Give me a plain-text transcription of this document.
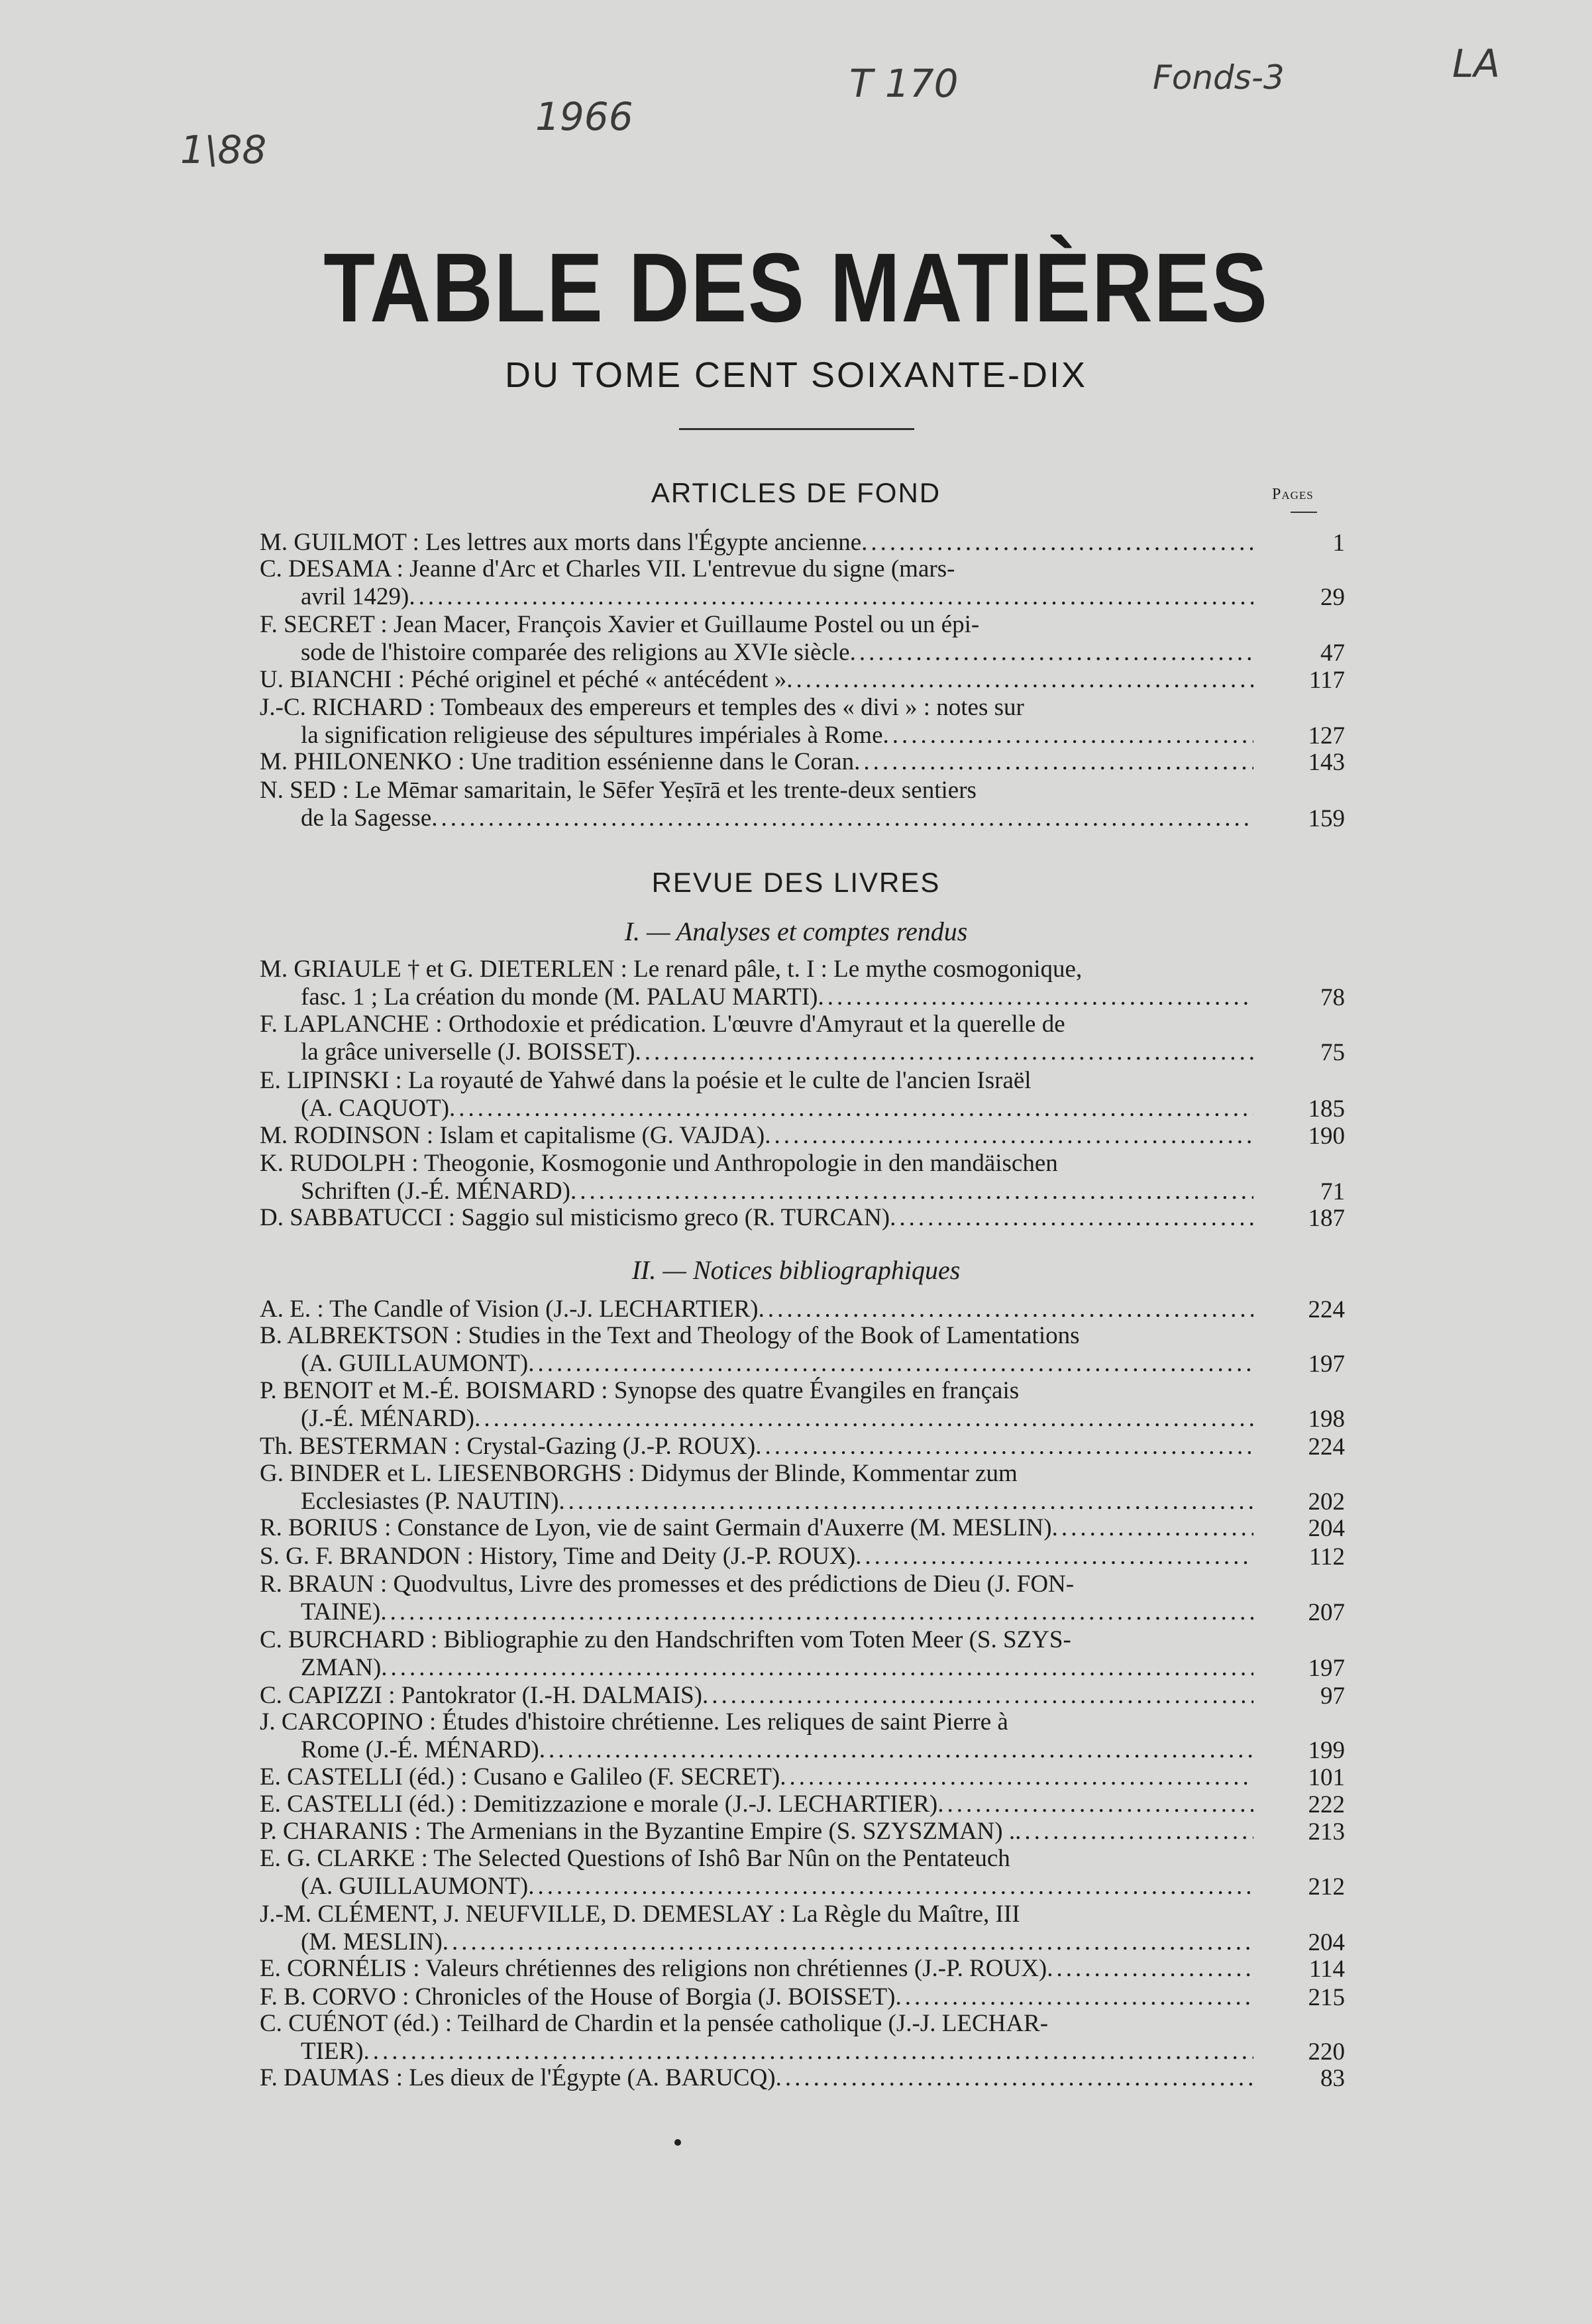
1\88
1966
T 170	Fonds-3	LA
TABLE DES MATIÈRES
DU TOME CENT SOIXANTE-DIX
ARTICLES DE FOND	Pages
REVUE DES LIVRES
I. — Analyses et comptes rendus
II. — Notices bibliographiques
M. GUILMOT : Les lettres aux morts dans l'Égypte ancienne .....	1
C. DESAMA : Jeanne d'Arc et Charles VII. L'entrevue du signe (mars-
avril 1429) .....	29
F. SECRET : Jean Macer, François Xavier et Guillaume Postel ou un épi-
sode de l'histoire comparée des religions au XVIe siècle .....	47
U. BIANCHI : Péché originel et péché « antécédent » .....	117
J.-C. RICHARD : Tombeaux des empereurs et temples des « divi » : notes sur
la signification religieuse des sépultures impériales à Rome .....	127
M. PHILONENKO : Une tradition essénienne dans le Coran .....	143
N. SED : Le Mēmar samaritain, le Sēfer Yeṣīrā et les trente-deux sentiers
de la Sagesse .....	159
M. GRIAULE † et G. DIETERLEN : Le renard pâle, t. I : Le mythe cosmogonique,
fasc. 1 ; La création du monde (M. PALAU MARTI) .....	78
F. LAPLANCHE : Orthodoxie et prédication. L'œuvre d'Amyraut et la querelle de
la grâce universelle (J. BOISSET) .....	75
E. LIPINSKI : La royauté de Yahwé dans la poésie et le culte de l'ancien Israël
(A. CAQUOT) .....	185
M. RODINSON : Islam et capitalisme (G. VAJDA) .....	190
K. RUDOLPH : Theogonie, Kosmogonie und Anthropologie in den mandäischen
Schriften (J.-É. MÉNARD) .....	71
D. SABBATUCCI : Saggio sul misticismo greco (R. TURCAN) .....	187
A. E. : The Candle of Vision (J.-J. LECHARTIER) .....	224
B. ALBREKTSON : Studies in the Text and Theology of the Book of Lamentations
(A. GUILLAUMONT) .....	197
P. BENOIT et M.-É. BOISMARD : Synopse des quatre Évangiles en français
(J.-É. MÉNARD) .....	198
Th. BESTERMAN : Crystal-Gazing (J.-P. ROUX) .....	224
G. BINDER et L. LIESENBORGHS : Didymus der Blinde, Kommentar zum
Ecclesiastes (P. NAUTIN) .....	202
R. BORIUS : Constance de Lyon, vie de saint Germain d'Auxerre (M. MESLIN) .....	204
S. G. F. BRANDON : History, Time and Deity (J.-P. ROUX) .....	112
R. BRAUN : Quodvultus, Livre des promesses et des prédictions de Dieu (J. FON-
TAINE) .....	207
C. BURCHARD : Bibliographie zu den Handschriften vom Toten Meer (S. SZYS-
ZMAN) .....	197
C. CAPIZZI : Pantokrator (I.-H. DALMAIS) .....	97
J. CARCOPINO : Études d'histoire chrétienne. Les reliques de saint Pierre à
Rome (J.-É. MÉNARD) .....	199
E. CASTELLI (éd.) : Cusano e Galileo (F. SECRET) .....	101
E. CASTELLI (éd.) : Demitizzazione e morale (J.-J. LECHARTIER) .....	222
P. CHARANIS : The Armenians in the Byzantine Empire (S. SZYSZMAN) . .....	213
E. G. CLARKE : The Selected Questions of Ishô Bar Nûn on the Pentateuch
(A. GUILLAUMONT) .....	212
J.-M. CLÉMENT, J. NEUFVILLE, D. DEMESLAY : La Règle du Maître, III
(M. MESLIN) .....	204
E. CORNÉLIS : Valeurs chrétiennes des religions non chrétiennes (J.-P. ROUX) .....	114
F. B. CORVO : Chronicles of the House of Borgia (J. BOISSET) .....	215
C. CUÉNOT (éd.) : Teilhard de Chardin et la pensée catholique (J.-J. LECHAR-
TIER) .....	220
F. DAUMAS : Les dieux de l'Égypte (A. BARUCQ) .....	83
